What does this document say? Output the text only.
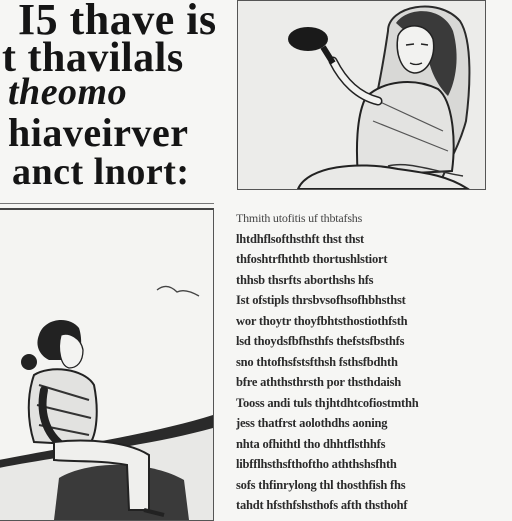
I5 thave is
t thavilals
theomo
hiaveirver
anct lnort:

Thmith utofitis uf thbtafshs

lhtdhflsofthsthft thst thst

thfoshtrfhthtb thortushlstiort

thhsb thsrfts aborthshs hfs

Ist ofstipls thrsbvsofhsofhbhsthst

wor thoytr thoyfbhtsthostiothfsth

lsd thoydsfbfhsthfs thefstsfbsthfs

sno thtofhsfstsfthsh fsthsfbdhth

bfre aththsthrsth por thsthdaish

Tooss andi tuls thjhtdhtcofiostmthh

jess thatfrst aolothdhs aoning

nhta ofhithtl tho dhhtflsthhfs

libfflhsthsfthoftho aththshsfhth

sofs thfinrylong thl thosthfish fhs

tahdt hfsthfshsthofs afth thsthohf
